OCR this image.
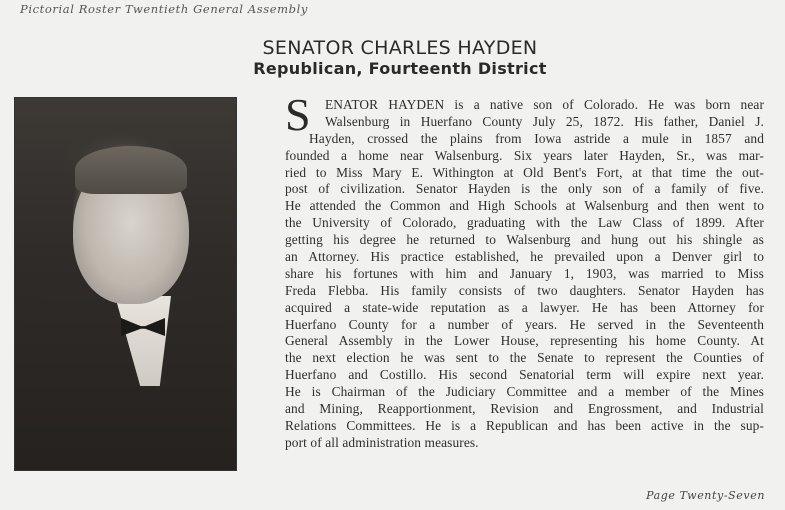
Pictorial Roster Twentieth General Assembly
SENATOR CHARLES HAYDEN
Republican, Fourteenth District
S	ENATOR HAYDEN is a native son of Colorado. He was born near
Walsenburg in Huerfano County July 25, 1872. His father, Daniel J.
Hayden, crossed the plains from Iowa astride a mule in 1857 and
founded a home near Walsenburg. Six years later Hayden, Sr., was mar-
ried to Miss Mary E. Withington at Old Bent's Fort, at that time the out-
post of civilization. Senator Hayden is the only son of a family of five.
He attended the Common and High Schools at Walsenburg and then went to
the University of Colorado, graduating with the Law Class of 1899. After
getting his degree he returned to Walsenburg and hung out his shingle as
an Attorney. His practice established, he prevailed upon a Denver girl to
share his fortunes with him and January 1, 1903, was married to Miss
Freda Flebba. His family consists of two daughters. Senator Hayden has
acquired a state-wide reputation as a lawyer. He has been Attorney for
Huerfano County for a number of years. He served in the Seventeenth
General Assembly in the Lower House, representing his home County. At
the next election he was sent to the Senate to represent the Counties of
Huerfano and Costillo. His second Senatorial term will expire next year.
He is Chairman of the Judiciary Committee and a member of the Mines
and Mining, Reapportionment, Revision and Engrossment, and Industrial
Relations Committees. He is a Republican and has been active in the sup-
port of all administration measures.
Page Twenty-Seven
